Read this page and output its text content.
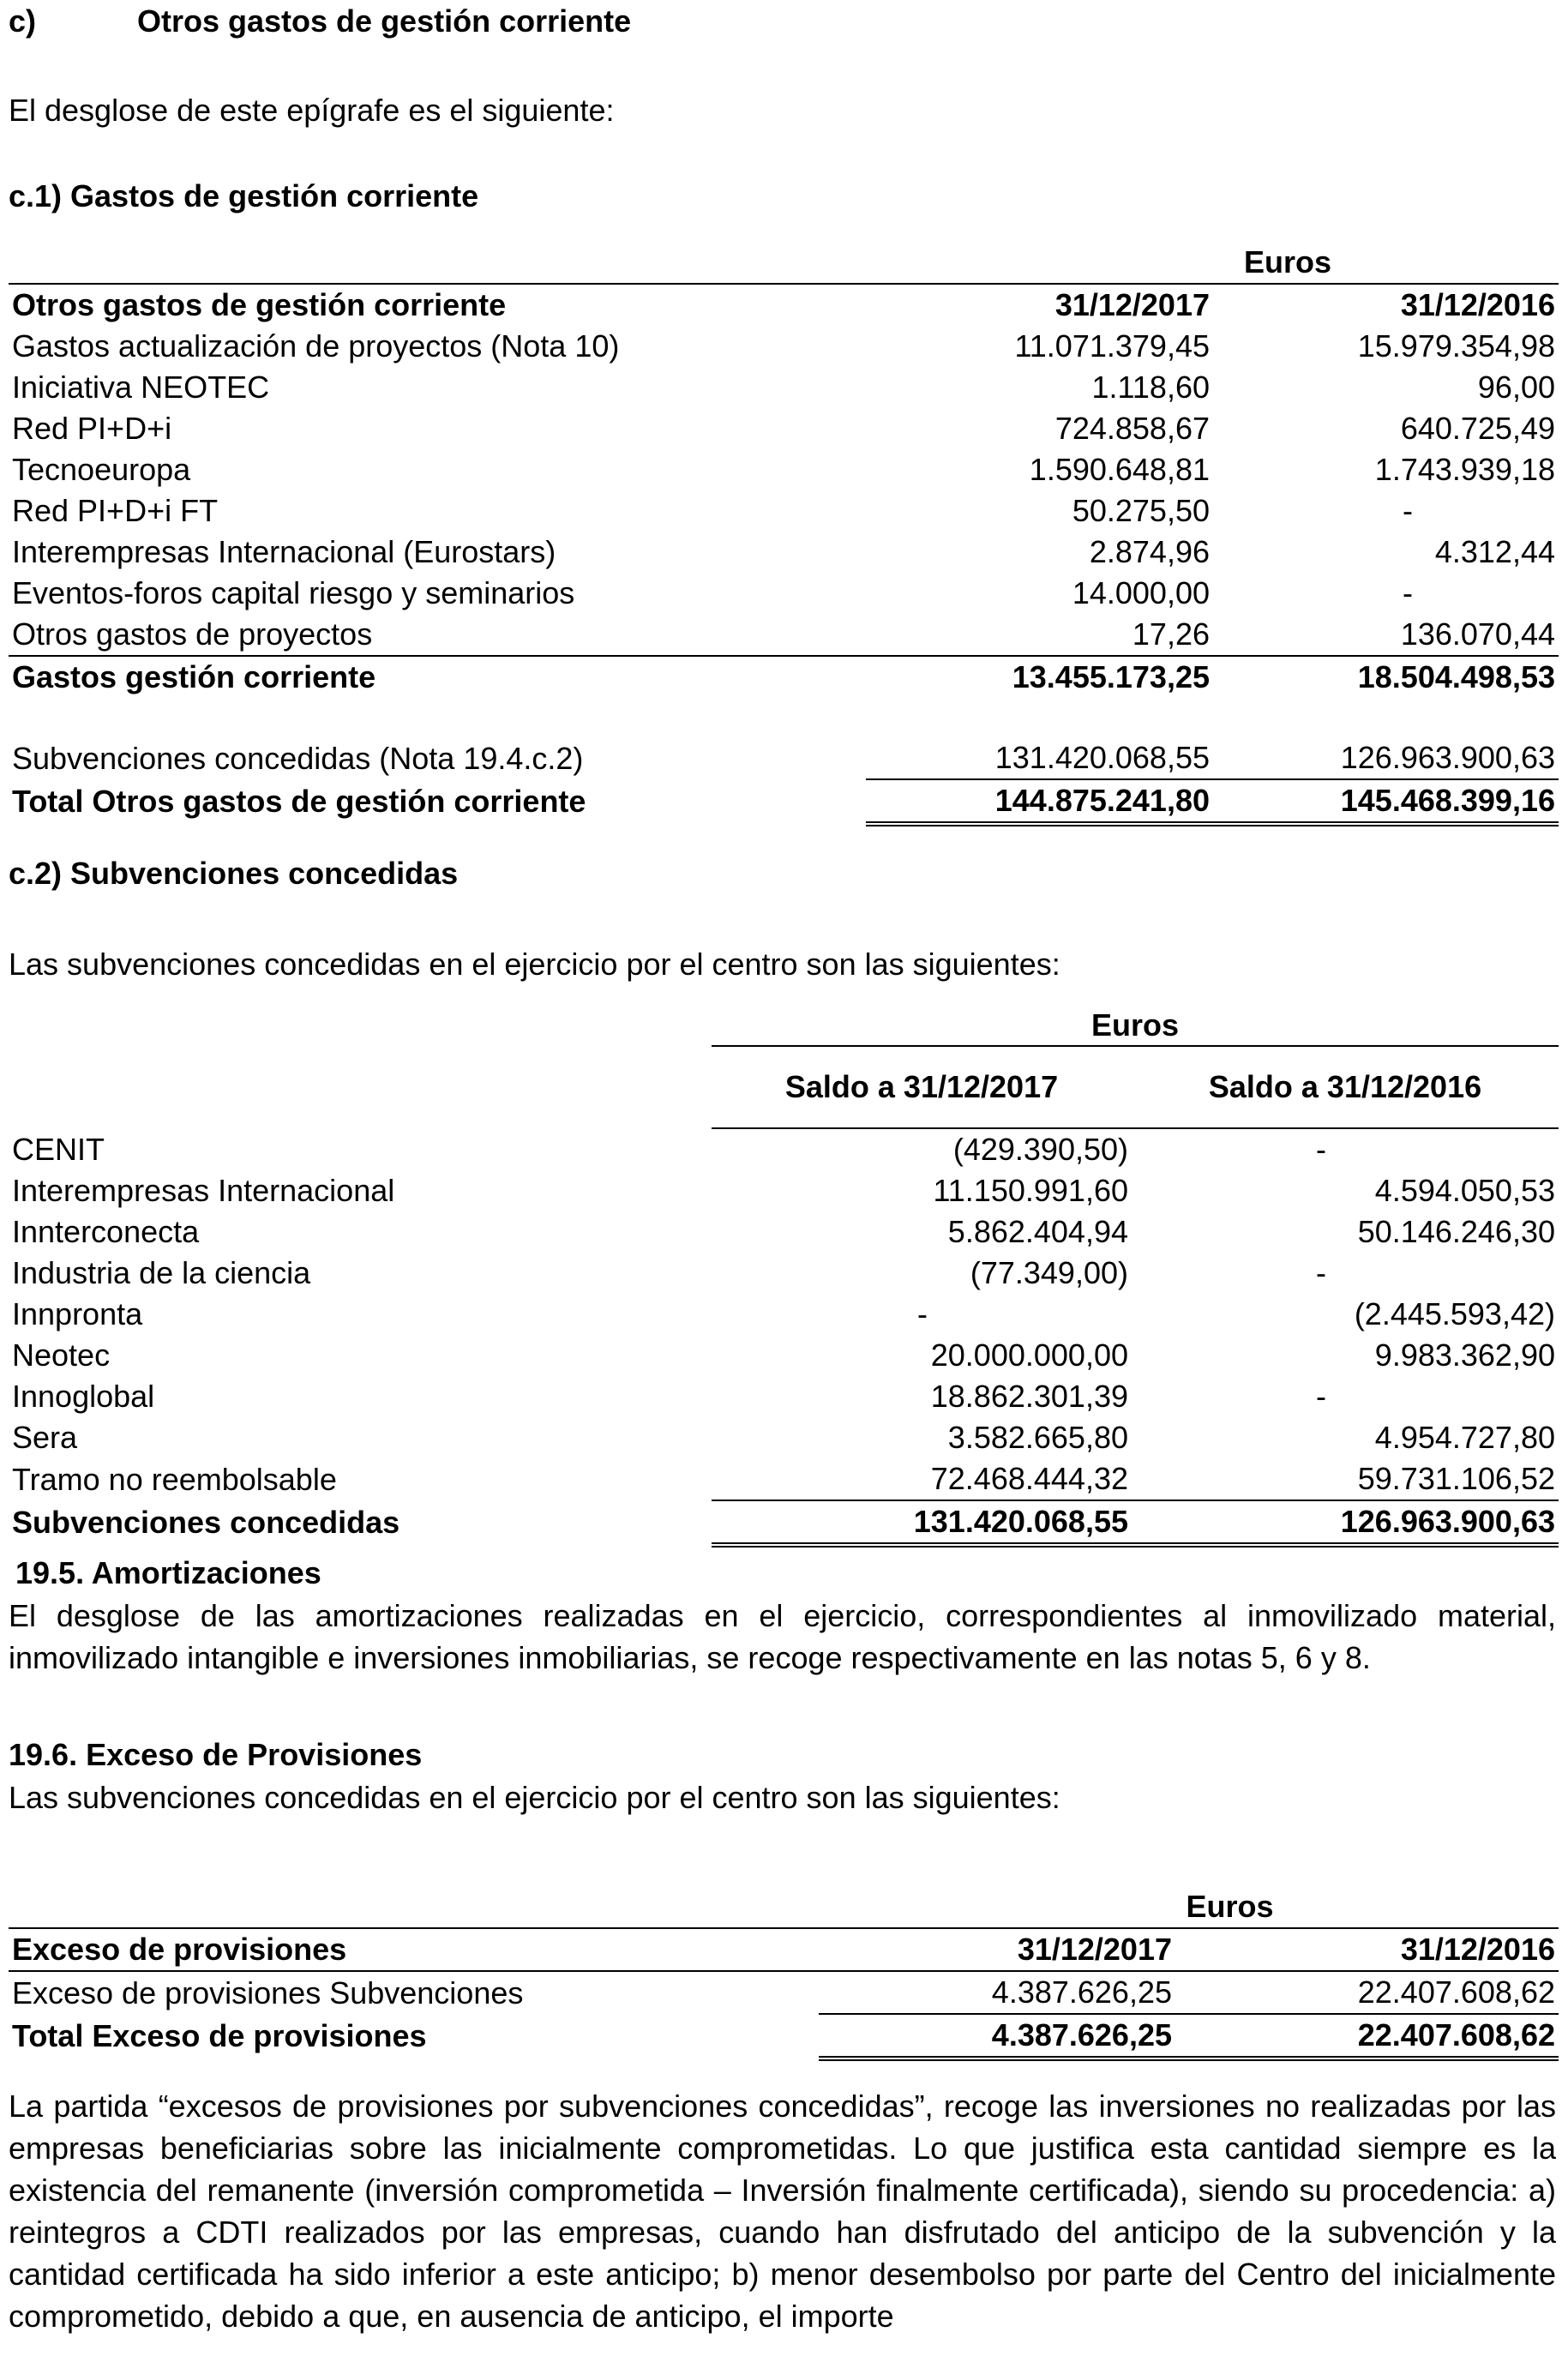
c)	Otros gastos de gestión corriente
El desglose de este epígrafe es el siguiente:
c.1) Gastos de gestión corriente
	Euros	
Otros gastos de gestión corriente	31/12/2017	31/12/2016
Gastos actualización de proyectos (Nota 10)	11.071.379,45	15.979.354,98
Iniciativa NEOTEC	1.118,60	96,00
Red PI+D+i	724.858,67	640.725,49
Tecnoeuropa	1.590.648,81	1.743.939,18
Red PI+D+i FT	50.275,50	-
Interempresas Internacional (Eurostars)	2.874,96	4.312,44
Eventos-foros capital riesgo y seminarios	14.000,00	-
Otros gastos de proyectos	17,26	136.070,44
Gastos gestión corriente	13.455.173,25	18.504.498,53

Subvenciones concedidas (Nota 19.4.c.2)	131.420.068,55	126.963.900,63
Total Otros gastos de gestión corriente	144.875.241,80	145.468.399,16
c.2) Subvenciones concedidas
Las subvenciones concedidas en el ejercicio por el centro son las siguientes:
	Euros	
	Saldo a 31/12/2017	Saldo a 31/12/2016
CENIT	(429.390,50)	-
Interempresas Internacional	11.150.991,60	4.594.050,53
Innterconecta	5.862.404,94	50.146.246,30
Industria de la ciencia	(77.349,00)	-
Innpronta	-	(2.445.593,42)
Neotec	20.000.000,00	9.983.362,90
Innoglobal	18.862.301,39	-
Sera	3.582.665,80	4.954.727,80
Tramo no reembolsable	72.468.444,32	59.731.106,52
Subvenciones concedidas	131.420.068,55	126.963.900,63
19.5. Amortizaciones
El desglose de las amortizaciones realizadas en el ejercicio, correspondientes al inmovilizado material, inmovilizado intangible e inversiones inmobiliarias, se recoge respectivamente en las notas 5, 6 y 8.
19.6. Exceso de Provisiones
Las subvenciones concedidas en el ejercicio por el centro son las siguientes:
	Euros	
Exceso de provisiones	31/12/2017	31/12/2016
Exceso de provisiones Subvenciones	4.387.626,25	22.407.608,62
Total Exceso de provisiones	4.387.626,25	22.407.608,62
La partida “excesos de provisiones por subvenciones concedidas”, recoge las inversiones no realizadas por las empresas beneficiarias sobre las inicialmente comprometidas. Lo que justifica esta cantidad siempre es la existencia del remanente (inversión comprometida – Inversión finalmente certificada), siendo su procedencia: a) reintegros a CDTI realizados por las empresas, cuando han disfrutado del anticipo de la subvención y la cantidad certificada ha sido inferior a este anticipo; b) menor desembolso por parte del Centro del inicialmente comprometido, debido a que, en ausencia de anticipo, el importe
